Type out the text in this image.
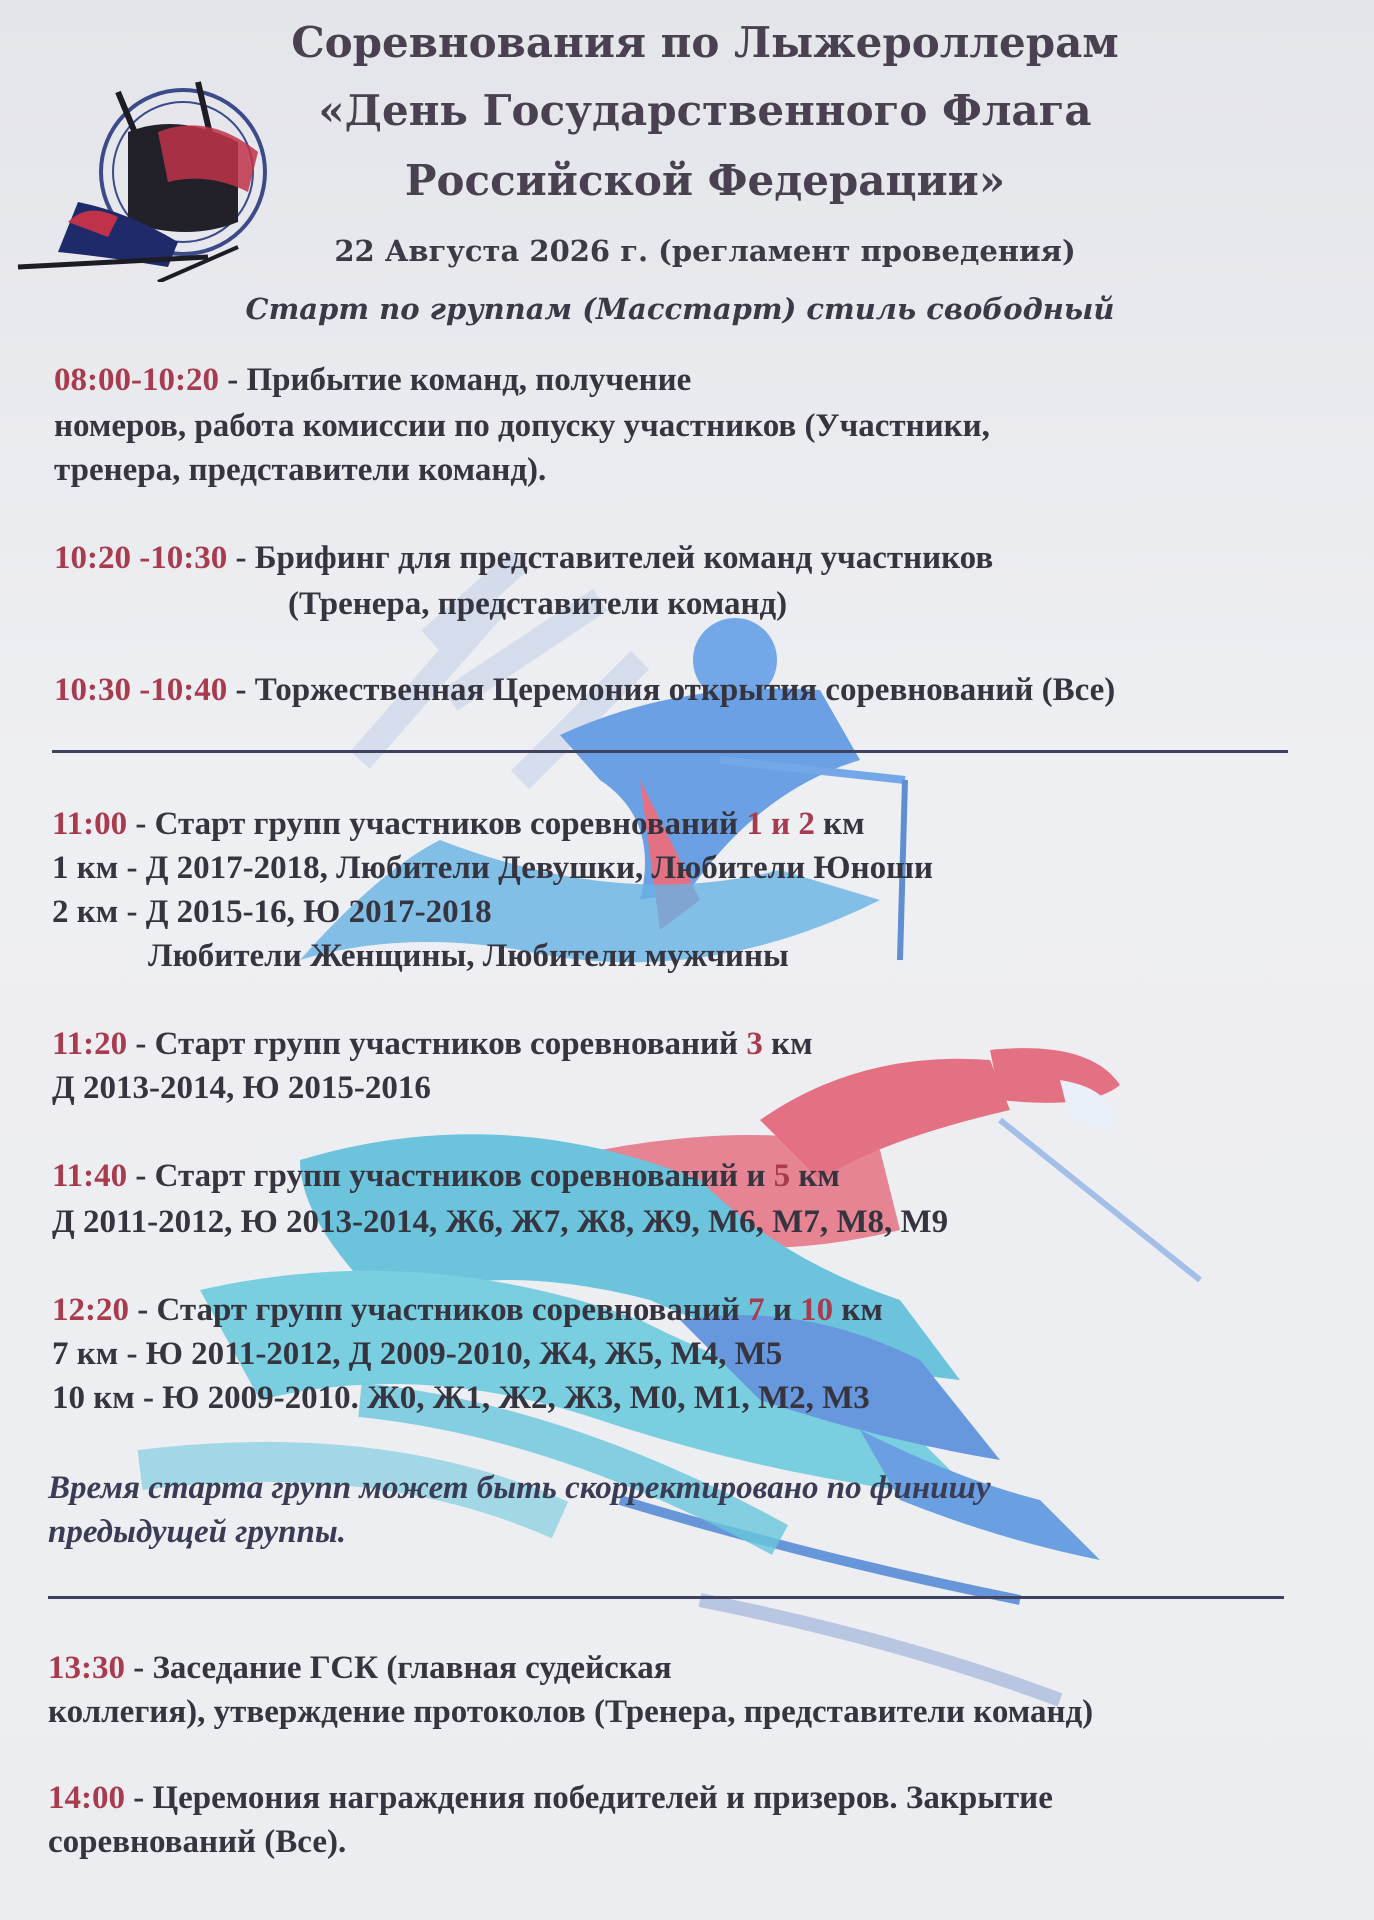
Соревнования по Лыжероллерам
«День Государственного Флага
Российской Федерации»
22 Августа 2026 г. (регламент проведения)
Старт по группам (Масстарт) стиль свободный
08:00-10:20 - Прибытие команд, получение
номеров, работа комиссии по допуску участников (Участники,
тренера, представители команд).
10:20 -10:30 - Брифинг для представителей команд участников
(Тренера, представители команд)
10:30 -10:40 - Торжественная Церемония открытия соревнований (Все)
11:00 - Старт групп участников соревнований 1 и 2 км
1 км - Д 2017-2018, Любители Девушки, Любители Юноши
2 км - Д 2015-16, Ю 2017-2018
Любители Женщины, Любители мужчины
11:20 - Старт групп участников соревнований 3 км
Д 2013-2014, Ю 2015-2016
11:40 - Старт групп участников соревнований и 5 км
Д 2011-2012, Ю 2013-2014, Ж6, Ж7, Ж8, Ж9, М6, М7, М8, М9
12:20 - Старт групп участников соревнований 7 и 10 км
7 км - Ю 2011-2012, Д 2009-2010, Ж4, Ж5, М4, М5
10 км - Ю 2009-2010. Ж0, Ж1, Ж2, Ж3, М0, М1, М2, М3
Время старта групп может быть скорректировано по финишу
предыдущей группы.
13:30 - Заседание ГСК (главная судейская
коллегия), утверждение протоколов (Тренера, представители команд)
14:00 - Церемония награждения победителей и призеров. Закрытие
соревнований (Все).
